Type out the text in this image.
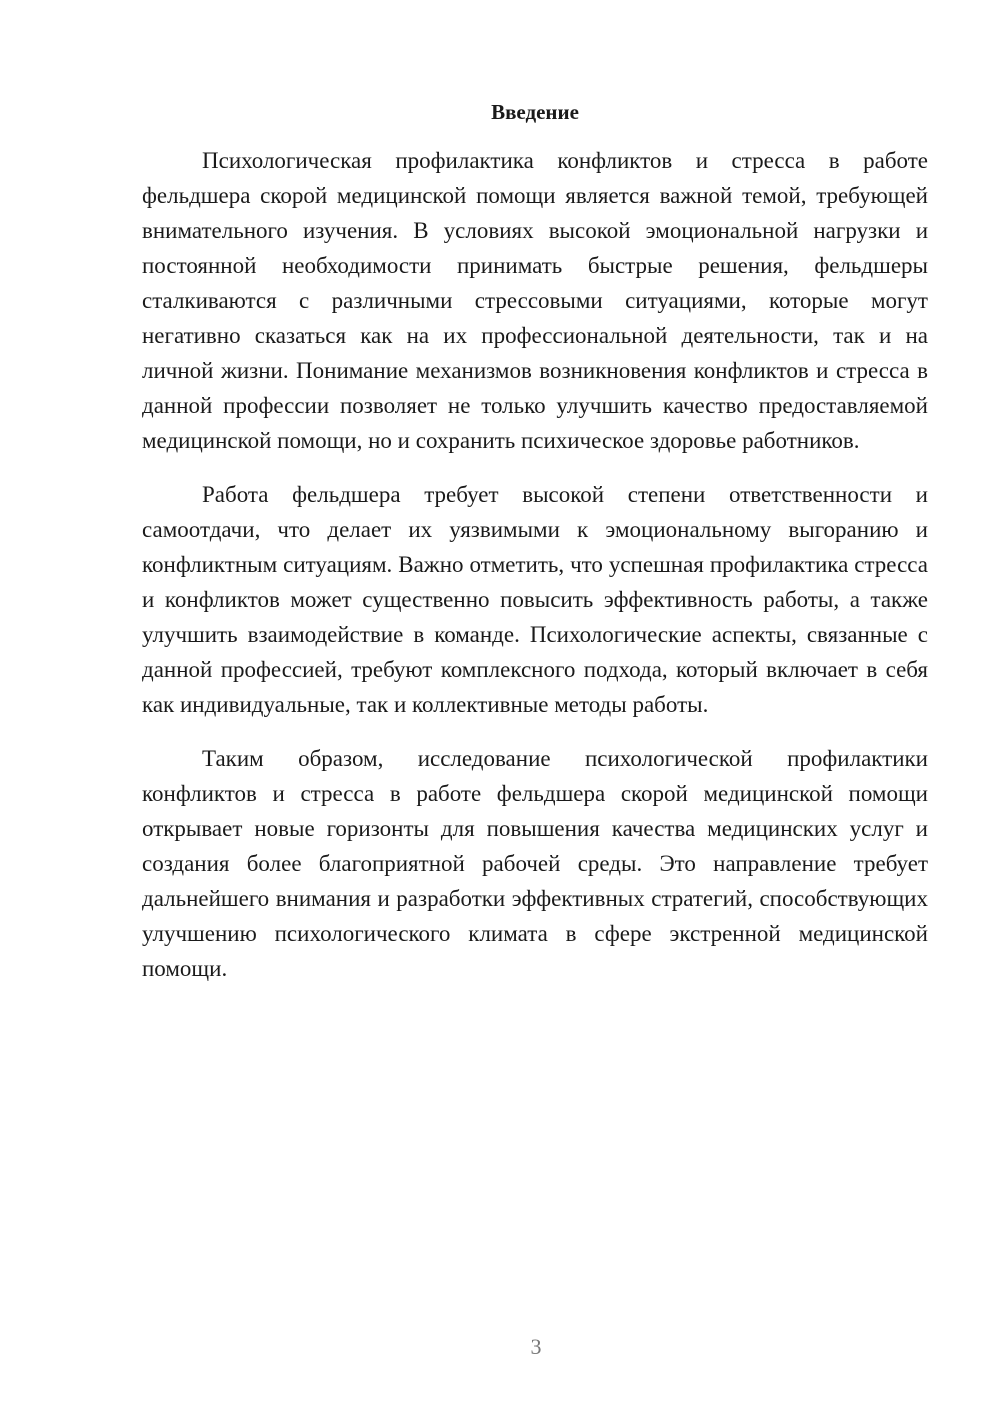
Введение

Психологическая профилактика конфликтов и стресса в работе фельдшера скорой медицинской помощи является важной темой, требующей внимательного изучения. В условиях высокой эмоциональной нагрузки и постоянной необходимости принимать быстрые решения, фельдшеры сталкиваются с различными стрессовыми ситуациями, которые могут негативно сказаться как на их профессиональной деятельности, так и на личной жизни. Понимание механизмов возникновения конфликтов и стресса в данной профессии позволяет не только улучшить качество предоставляемой медицинской помощи, но и сохранить психическое здоровье работников.

Работа фельдшера требует высокой степени ответственности и самоотдачи, что делает их уязвимыми к эмоциональному выгоранию и конфликтным ситуациям. Важно отметить, что успешная профилактика стресса и конфликтов может существенно повысить эффективность работы, а также улучшить взаимодействие в команде. Психологические аспекты, связанные с данной профессией, требуют комплексного подхода, который включает в себя как индивидуальные, так и коллективные методы работы.

Таким образом, исследование психологической профилактики конфликтов и стресса в работе фельдшера скорой медицинской помощи открывает новые горизонты для повышения качества медицинских услуг и создания более благоприятной рабочей среды. Это направление требует дальнейшего внимания и разработки эффективных стратегий, способствующих улучшению психологического климата в сфере экстренной медицинской помощи.

3
